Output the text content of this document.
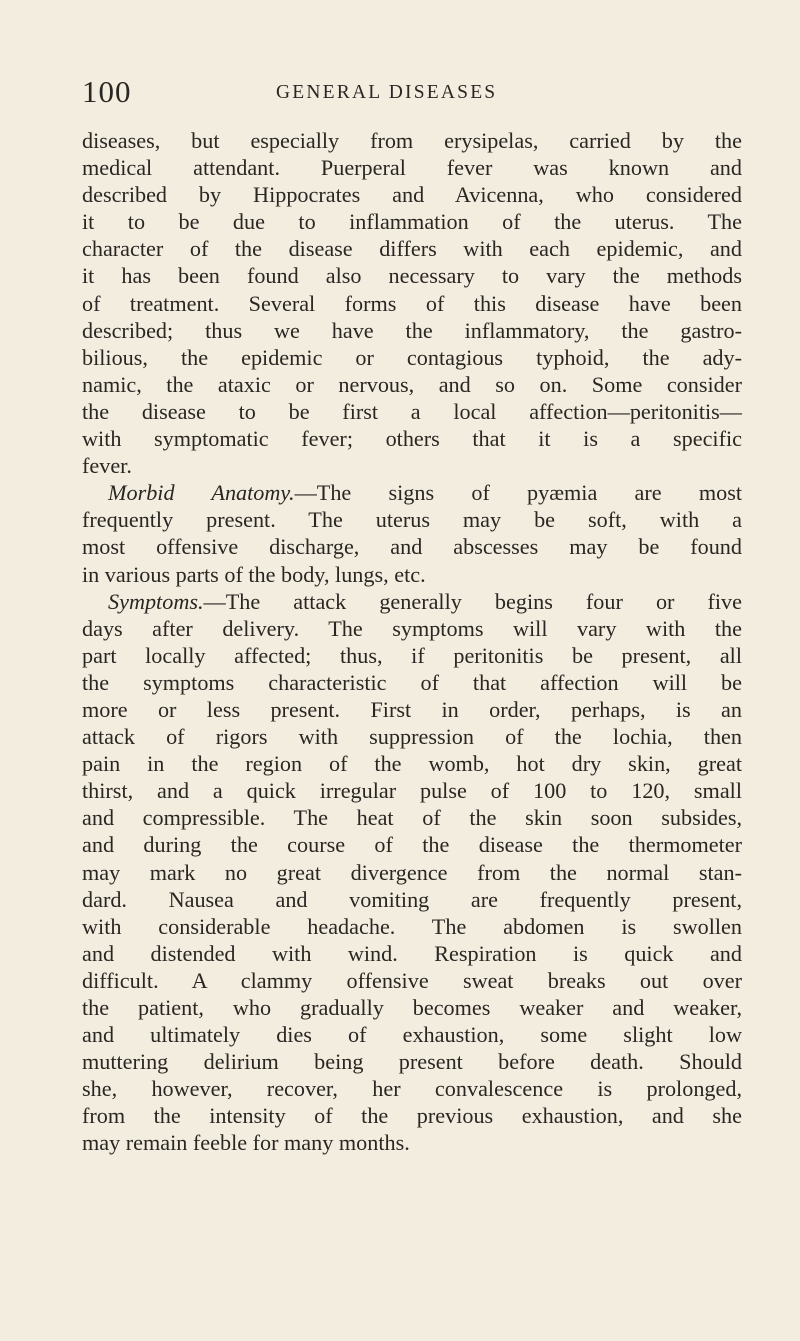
100	GENERAL DISEASES
diseases, but especially from erysipelas, carried by the
medical attendant. Puerperal fever was known and
described by Hippocrates and Avicenna, who considered
it to be due to inflammation of the uterus. The
character of the disease differs with each epidemic, and
it has been found also necessary to vary the methods
of treatment. Several forms of this disease have been
described; thus we have the inflammatory, the gastro-
bilious, the epidemic or contagious typhoid, the ady-
namic, the ataxic or nervous, and so on. Some consider
the disease to be first a local affection—peritonitis—
with symptomatic fever; others that it is a specific
fever.
Morbid Anatomy.—The signs of pyæmia are most
frequently present. The uterus may be soft, with a
most offensive discharge, and abscesses may be found
in various parts of the body, lungs, etc.
Symptoms.—The attack generally begins four or five
days after delivery. The symptoms will vary with the
part locally affected; thus, if peritonitis be present, all
the symptoms characteristic of that affection will be
more or less present. First in order, perhaps, is an
attack of rigors with suppression of the lochia, then
pain in the region of the womb, hot dry skin, great
thirst, and a quick irregular pulse of 100 to 120, small
and compressible. The heat of the skin soon subsides,
and during the course of the disease the thermometer
may mark no great divergence from the normal stan-
dard. Nausea and vomiting are frequently present,
with considerable headache. The abdomen is swollen
and distended with wind. Respiration is quick and
difficult. A clammy offensive sweat breaks out over
the patient, who gradually becomes weaker and weaker,
and ultimately dies of exhaustion, some slight low
muttering delirium being present before death. Should
she, however, recover, her convalescence is prolonged,
from the intensity of the previous exhaustion, and she
may remain feeble for many months.
